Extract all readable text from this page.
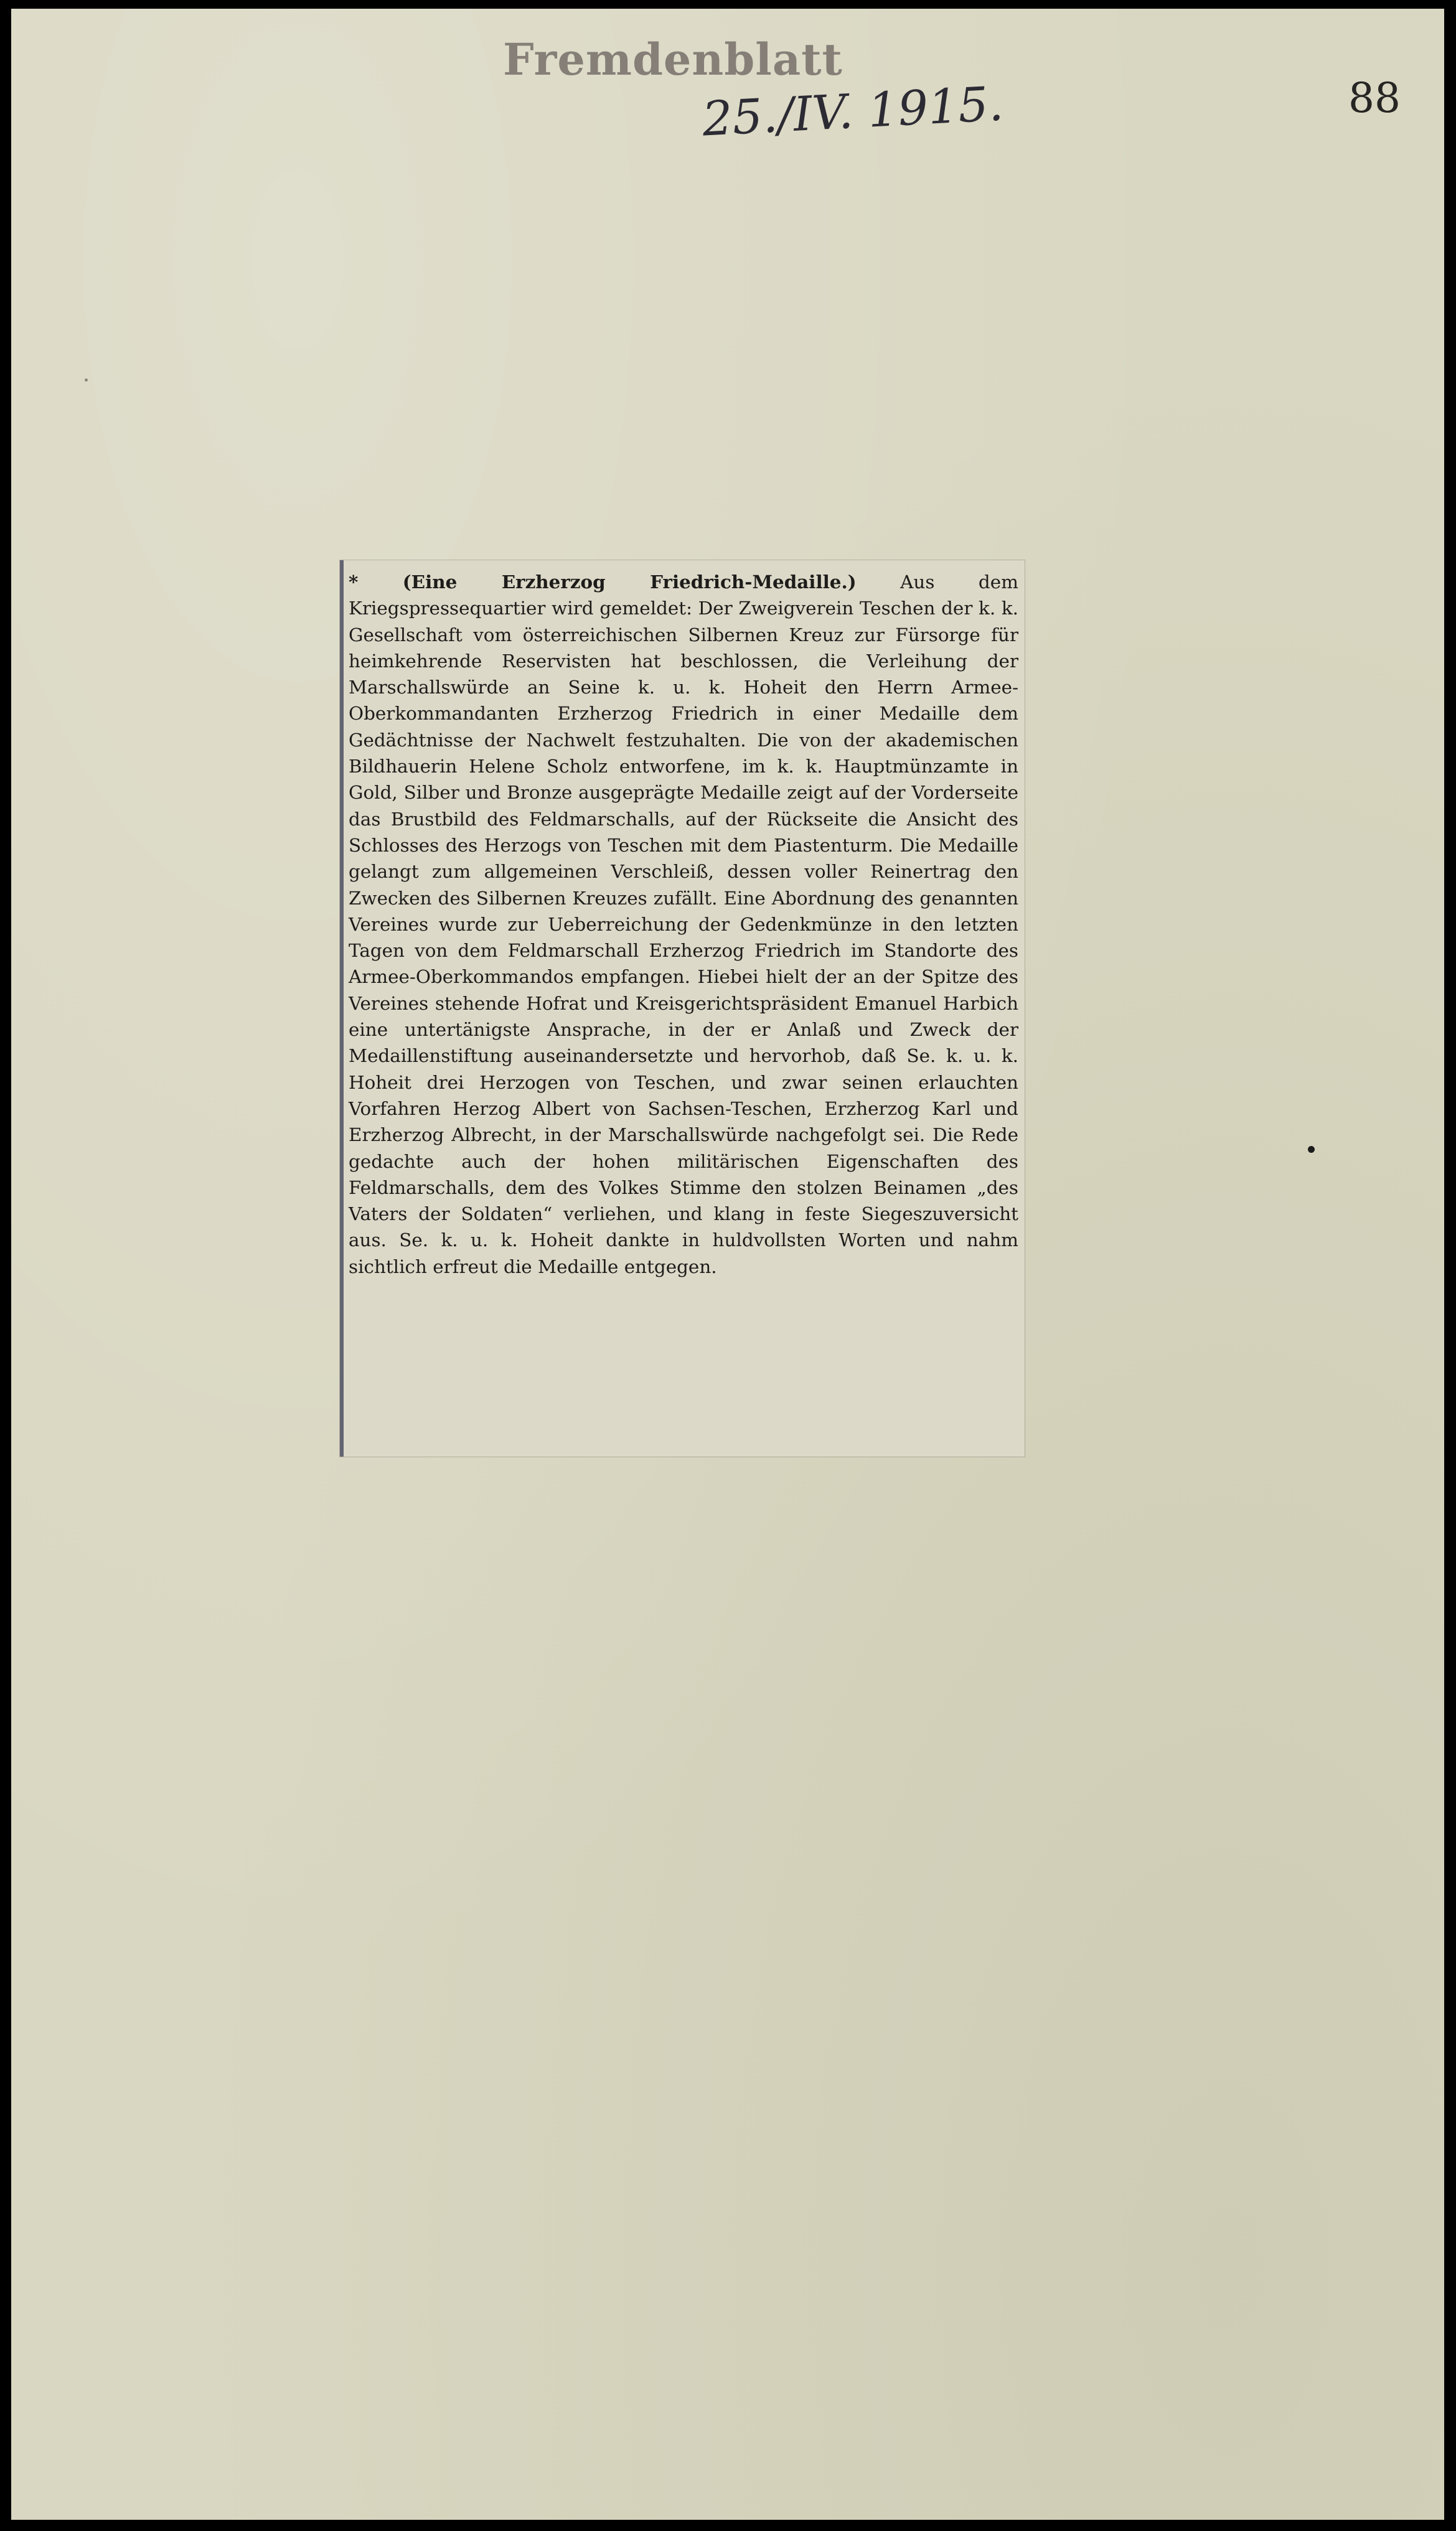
Fremdenblatt
25./IV. 1915.	88
* (Eine Erzherzog Friedrich-Medaille.) Aus dem Kriegspressequartier wird gemeldet: Der Zweigverein Teschen der k. k. Gesellschaft vom österreichischen Silbernen Kreuz zur Fürsorge für heimkehrende Reservisten hat beschlossen, die Verleihung der Marschallswürde an Seine k. u. k. Hoheit den Herrn Armee-Oberkommandanten Erzherzog Friedrich in einer Medaille dem Gedächtnisse der Nachwelt festzuhalten. Die von der akademischen Bildhauerin Helene Scholz entworfene, im k. k. Hauptmünzamte in Gold, Silber und Bronze ausgeprägte Medaille zeigt auf der Vorderseite das Brustbild des Feldmarschalls, auf der Rückseite die Ansicht des Schlosses des Herzogs von Teschen mit dem Piastenturm. Die Medaille gelangt zum allgemeinen Verschleiß, dessen voller Reinertrag den Zwecken des Silbernen Kreuzes zufällt. Eine Abordnung des genannten Vereines wurde zur Ueberreichung der Gedenkmünze in den letzten Tagen von dem Feldmarschall Erzherzog Friedrich im Standorte des Armee-Oberkommandos empfangen. Hiebei hielt der an der Spitze des Vereines stehende Hofrat und Kreisgerichtspräsident Emanuel Harbich eine untertänigste Ansprache, in der er Anlaß und Zweck der Medaillenstiftung auseinandersetzte und hervorhob, daß Se. k. u. k. Hoheit drei Herzogen von Teschen, und zwar seinen erlauchten Vorfahren Herzog Albert von Sachsen-Teschen, Erzherzog Karl und Erzherzog Albrecht, in der Marschallswürde nachgefolgt sei. Die Rede gedachte auch der hohen militärischen Eigenschaften des Feldmarschalls, dem des Volkes Stimme den stolzen Beinamen „des Vaters der Soldaten“ verliehen, und klang in feste Siegeszuversicht aus. Se. k. u. k. Hoheit dankte in huldvollsten Worten und nahm sichtlich erfreut die Medaille entgegen.
